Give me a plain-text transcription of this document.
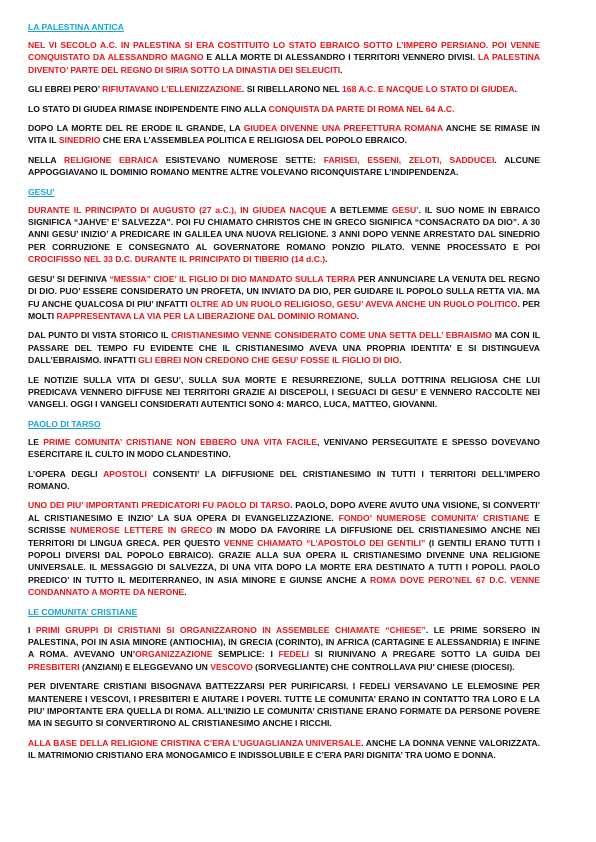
LA PALESTINA ANTICA
NEL VI SECOLO A.C. IN PALESTINA SI ERA COSTITUITO LO STATO EBRAICO SOTTO L’IMPERO PERSIANO. POI VENNE CONQUISTATO DA ALESSANDRO MAGNO E ALLA MORTE DI ALESSANDRO I TERRITORI VENNERO DIVISI. LA PALESTINA DIVENTO’ PARTE DEL REGNO DI SIRIA SOTTO LA DINASTIA DEI SELEUCITI.
GLI EBREI PERO’ RIFIUTAVANO L’ELLENIZZAZIONE. SI RIBELLARONO NEL 168 A.C. E NACQUE LO STATO DI GIUDEA.
LO STATO DI GIUDEA RIMASE INDIPENDENTE FINO ALLA CONQUISTA DA PARTE DI ROMA NEL 64 A.C.
DOPO LA MORTE DEL RE ERODE IL GRANDE, LA GIUDEA DIVENNE UNA PREFETTURA ROMANA ANCHE SE RIMASE IN VITA IL SINEDRIO CHE ERA L’ASSEMBLEA POLITICA E RELIGIOSA DEL POPOLO EBRAICO.
NELLA RELIGIONE EBRAICA ESISTEVANO NUMEROSE SETTE: FARISEI, ESSENI, ZELOTI, SADDUCEI. ALCUNE APPOGGIAVANO IL DOMINIO ROMANO MENTRE ALTRE VOLEVANO RICONQUISTARE L’INDIPENDENZA.
GESU’
DURANTE IL PRINCIPATO DI AUGUSTO (27 a.C.), IN GIUDEA NACQUE A BETLEMME GESU’. IL SUO NOME IN EBRAICO SIGNIFICA “JAHVE’ E’ SALVEZZA”. POI FU CHIAMATO CHRISTOS CHE IN GRECO SIGNIFICA “CONSACRATO DA DIO”. A 30 ANNI GESU’ INIZIO’ A PREDICARE IN GALILEA UNA NUOVA RELIGIONE. 3 ANNI DOPO VENNE ARRESTATO DAL SINEDRIO PER CORRUZIONE E CONSEGNATO AL GOVERNATORE ROMANO PONZIO PILATO. VENNE PROCESSATO E POI CROCIFISSO NEL 33 D.C. DURANTE IL PRINCIPATO DI TIBERIO (14 d.C.).
GESU’ SI DEFINIVA “MESSIA” CIOE’ IL FIGLIO DI DIO MANDATO SULLA TERRA PER ANNUNCIARE LA VENUTA DEL REGNO DI DIO. PUO’ ESSERE CONSIDERATO UN PROFETA, UN INVIATO DA DIO, PER GUIDARE IL POPOLO SULLA RETTA VIA. MA FU ANCHE QUALCOSA DI PIU’ INFATTI OLTRE AD UN RUOLO RELIGIOSO, GESU’ AVEVA ANCHE UN RUOLO POLITICO. PER MOLTI RAPPRESENTAVA LA VIA PER LA LIBERAZIONE DAL DOMINIO ROMANO.
DAL PUNTO DI VISTA STORICO IL CRISTIANESIMO VENNE CONSIDERATO COME UNA SETTA DELL’ EBRAISMO MA CON IL PASSARE DEL TEMPO FU EVIDENTE CHE IL CRISTIANESIMO AVEVA UNA PROPRIA IDENTITA’ E SI DISTINGUEVA DALL’EBRAISMO. INFATTI GLI EBREI NON CREDONO CHE GESU’ FOSSE IL FIGLIO DI DIO.
LE NOTIZIE SULLA VITA DI GESU’, SULLA SUA MORTE E RESURREZIONE, SULLA DOTTRINA RELIGIOSA CHE LUI PREDICAVA VENNERO DIFFUSE NEI TERRITORI GRAZIE AI DISCEPOLI, I SEGUACI DI GESU’ E VENNERO RACCOLTE NEI VANGELI. OGGI I VANGELI CONSIDERATI AUTENTICI SONO 4: MARCO, LUCA, MATTEO, GIOVANNI.
PAOLO DI TARSO
LE PRIME COMUNITA’ CRISTIANE NON EBBERO UNA VITA FACILE, VENIVANO PERSEGUITATE E SPESSO DOVEVANO ESERCITARE IL CULTO IN MODO CLANDESTINO.
L’OPERA DEGLI APOSTOLI CONSENTI’ LA DIFFUSIONE DEL CRISTIANESIMO IN TUTTI I TERRITORI DELL’IMPERO ROMANO.
UNO DEI PIU’ IMPORTANTI PREDICATORI FU PAOLO DI TARSO. PAOLO, DOPO AVERE AVUTO UNA VISIONE, SI CONVERTI’ AL CRISTIANESIMO E INZIO’ LA SUA OPERA DI EVANGELIZZAZIONE. FONDO’ NUMEROSE COMUNITA’ CRISTIANE E SCRISSE NUMEROSE LETTERE IN GRECO IN MODO DA FAVORIRE LA DIFFUSIONE DEL CRISTIANESIMO ANCHE NEI TERRITORI DI LINGUA GRECA. PER QUESTO VENNE CHIAMATO “L’APOSTOLO DEI GENTILI” (I GENTILI ERANO TUTTI I POPOLI DIVERSI DAL POPOLO EBRAICO). GRAZIE ALLA SUA OPERA IL CRISTIANESIMO DIVENNE UNA RELIGIONE UNIVERSALE. IL MESSAGGIO DI SALVEZZA, DI UNA VITA DOPO LA MORTE ERA DESTINATO A TUTTI I POPOLI. PAOLO PREDICO’ IN TUTTO IL MEDITERRANEO, IN ASIA MINORE E GIUNSE ANCHE A ROMA DOVE PERO’NEL 67 D.C. VENNE CONDANNATO A MORTE DA NERONE.
LE COMUNITA’ CRISTIANE
I PRIMI GRUPPI DI CRISTIANI SI ORGANIZZARONO IN ASSEMBLEE CHIAMATE “CHIESE”. LE PRIME SORSERO IN PALESTINA, POI IN ASIA MINORE (ANTIOCHIA), IN GRECIA (CORINTO), IN AFRICA (CARTAGINE E ALESSANDRIA) E INFINE A ROMA. AVEVANO UN’ORGANIZZAZIONE SEMPLICE: I FEDELI SI RIUNIVANO A PREGARE SOTTO LA GUIDA DEI PRESBITERI (ANZIANI) E ELEGGEVANO UN VESCOVO (SORVEGLIANTE) CHE CONTROLLAVA PIU’ CHIESE (DIOCESI).
PER DIVENTARE CRISTIANI BISOGNAVA BATTEZZARSI PER PURIFICARSI. I FEDELI VERSAVANO LE ELEMOSINE PER MANTENERE I VESCOVI, I PRESBITERI E AIUTARE I POVERI. TUTTE LE COMUNITA’ ERANO IN CONTATTO TRA LORO E LA PIU’ IMPORTANTE ERA QUELLA DI ROMA. ALL’INIZIO LE COMUNITA’ CRISTIANE ERANO FORMATE DA PERSONE POVERE MA IN SEGUITO SI CONVERTIRONO AL CRISTIANESIMO ANCHE I RICCHI.
ALLA BASE DELLA RELIGIONE CRISTINA C’ERA L’UGUAGLIANZA UNIVERSALE. ANCHE LA DONNA VENNE VALORIZZATA. IL MATRIMONIO CRISTIANO ERA MONOGAMICO E INDISSOLUBILE E C’ERA PARI DIGNITA’ TRA UOMO E DONNA.
